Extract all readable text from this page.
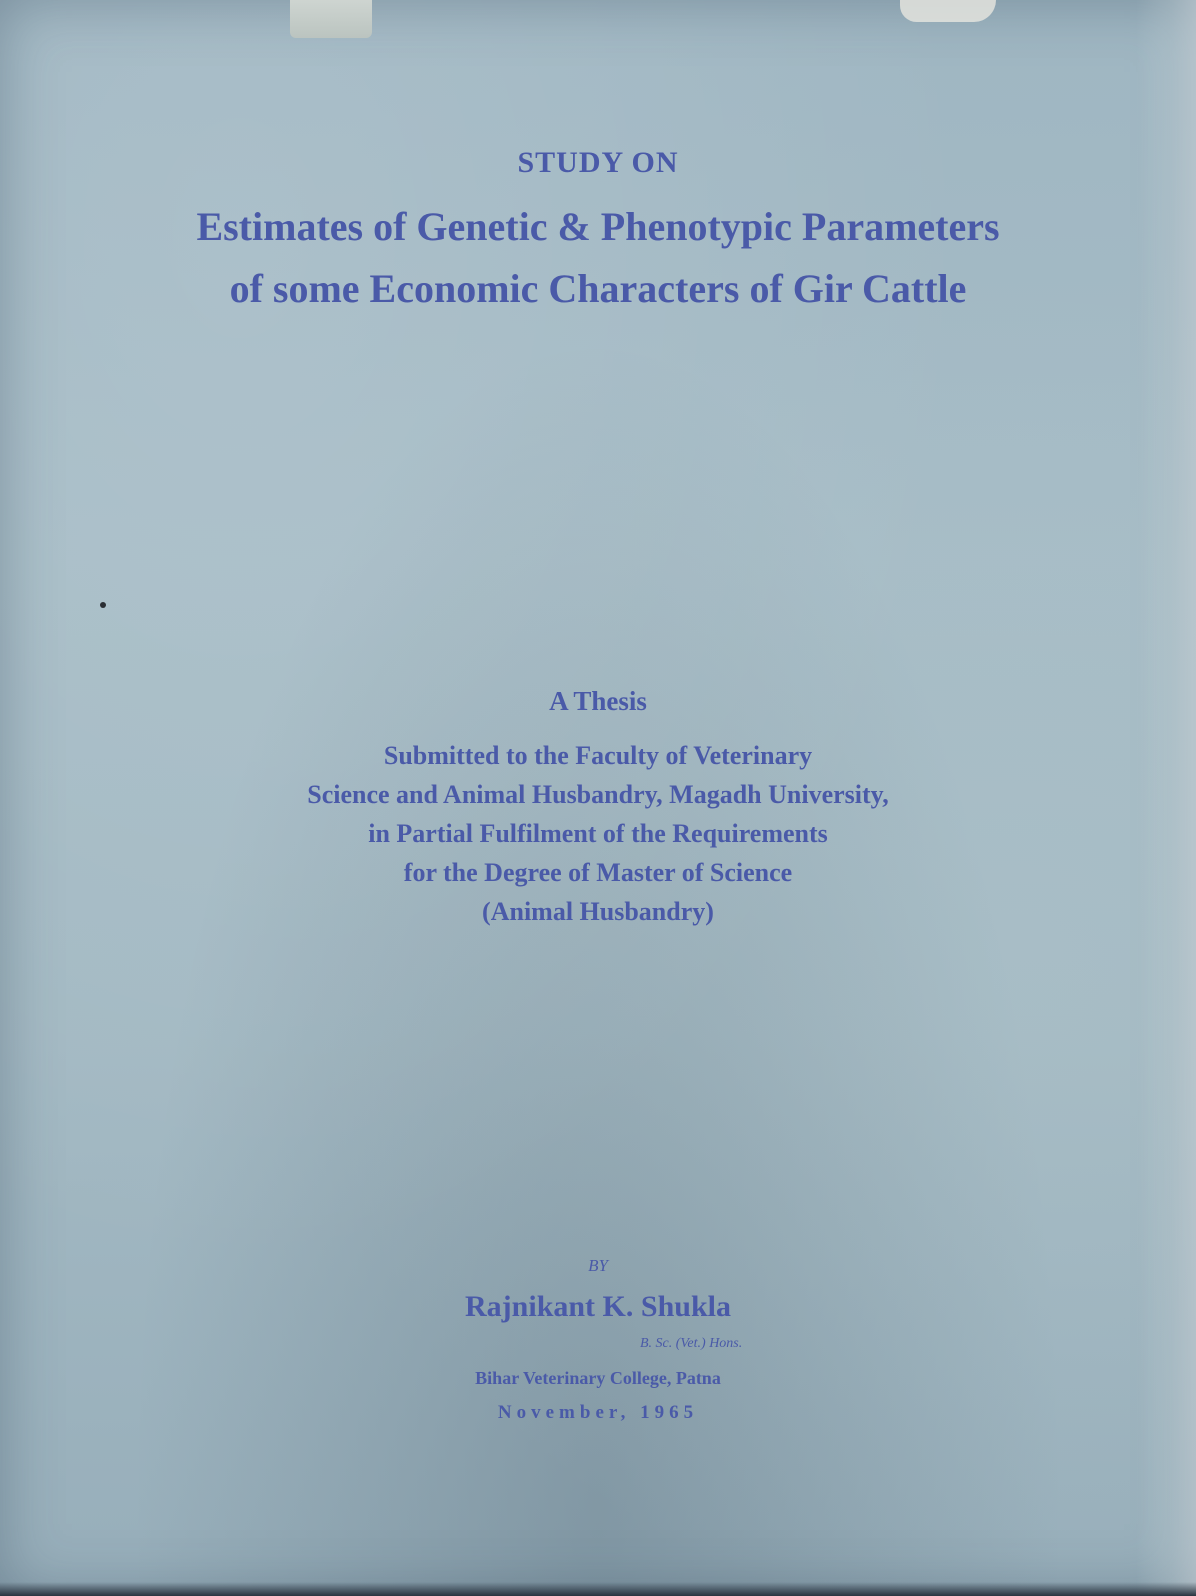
STUDY ON
Estimates of Genetic & Phenotypic Parameters
of some Economic Characters of Gir Cattle
A Thesis
Submitted to the Faculty of Veterinary
Science and Animal Husbandry, Magadh University,
in Partial Fulfilment of the Requirements
for the Degree of Master of Science
(Animal Husbandry)
BY
Rajnikant K. Shukla
B. Sc. (Vet.) Hons.
Bihar Veterinary College, Patna
November, 1965
